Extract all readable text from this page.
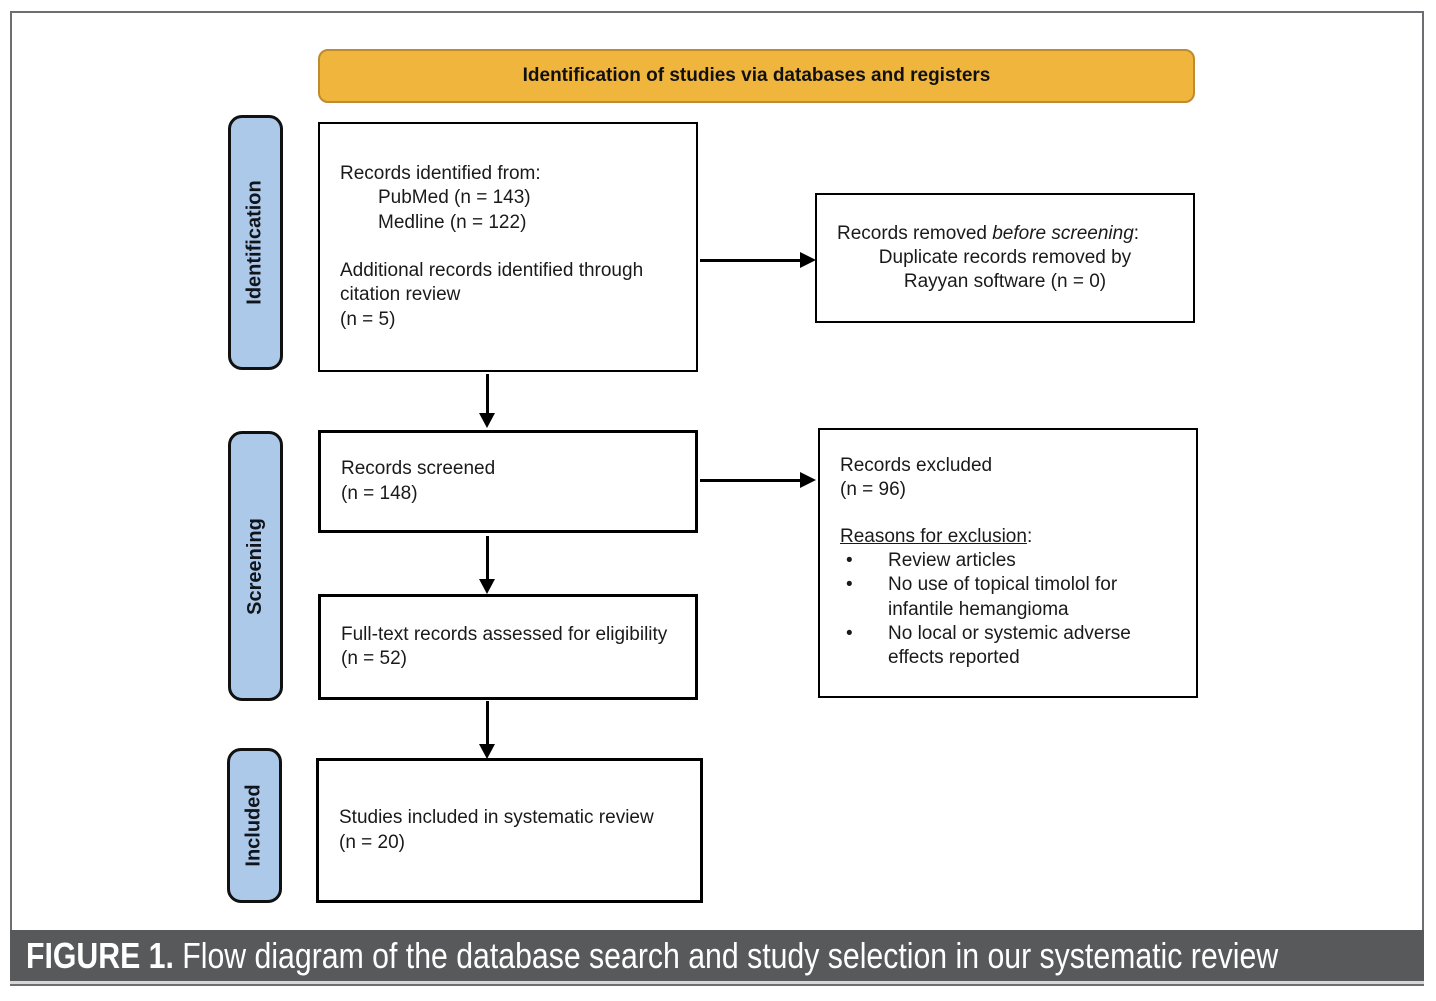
Identification of studies via databases and registers
Identification
Screening
Included
Records identified from:
PubMed (n = 143)
Medline (n = 122)
Additional records identified through citation review
(n = 5)
Records removed before screening:
Duplicate records removed by
Rayyan software (n = 0)
Records screened
(n = 148)
Records excluded
(n = 96)
Reasons for exclusion:
•	Review articles
•	No use of topical timolol for infantile hemangioma
•	No local or systemic adverse effects reported
Full-text records assessed for eligibility
(n = 52)
Studies included in systematic review
(n = 20)
FIGURE 1. Flow diagram of the database search and study selection in our systematic review
